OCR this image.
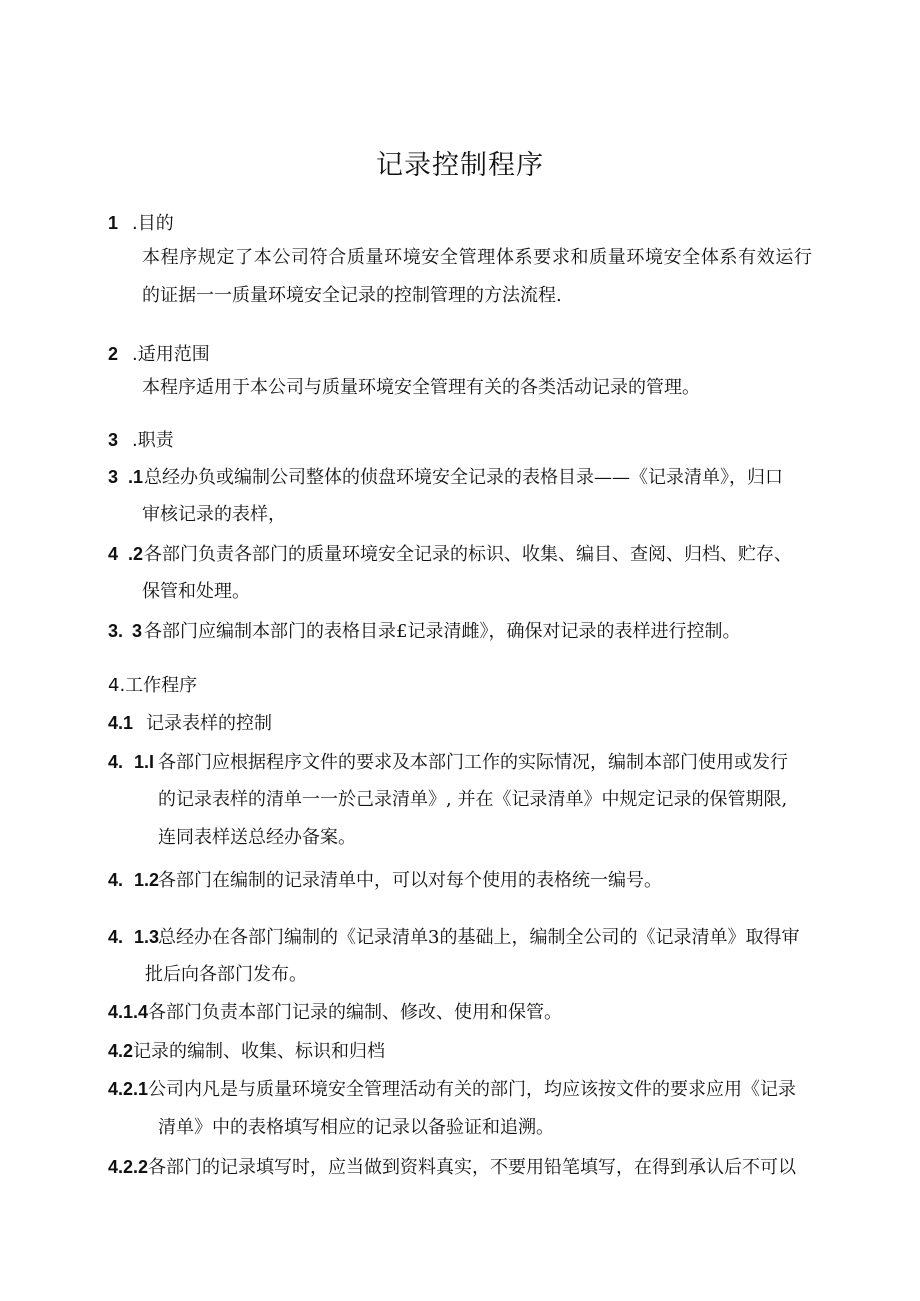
记录控制程序
1 .目的
本程序规定了本公司符合质量环境安全管理体系要求和质量环境安全体系有效运行
的证据一一质量环境安全记录的控制管理的方法流程.
2 .适用范围
本程序适用于本公司与质量环境安全管理有关的各类活动记录的管理。
3 .职责
3 .1总经办负或编制公司整体的侦盘环境安全记录的表格目录——《记录清单》，归口
审核记录的表样，
4 .2各部门负责各部门的质量环境安全记录的标识、收集、编目、查阅、归档、贮存、
保管和处理。
3. 3 各部门应编制本部门的表格目录£记录清雌》，确保对记录的表样进行控制。
4.工作程序
4.1 记录表样的控制
4. 1.I 各部门应根据程序文件的要求及本部门工作的实际情况，编制本部门使用或发行
的记录表样的清单一一於己录清单》, 并在《记录清单》中规定记录的保管期限,
连同表样送总经办备案。
4. 1.2各部门在编制的记录清单中，可以对每个使用的表格统一编号。
4. 1.3总经办在各部门编制的《记录清单3的基础上，编制全公司的《记录清单》取得审
批后向各部门发布。
4.1.4各部门负责本部门记录的编制、修改、使用和保管。
4.2记录的编制、收集、标识和归档
4.2.1公司内凡是与质量环境安全管理活动有关的部门，均应该按文件的要求应用《记录
清单》中的表格填写相应的记录以备验证和追溯。
4.2.2各部门的记录填写时，应当做到资料真实，不要用铅笔填写，在得到承认后不可以
